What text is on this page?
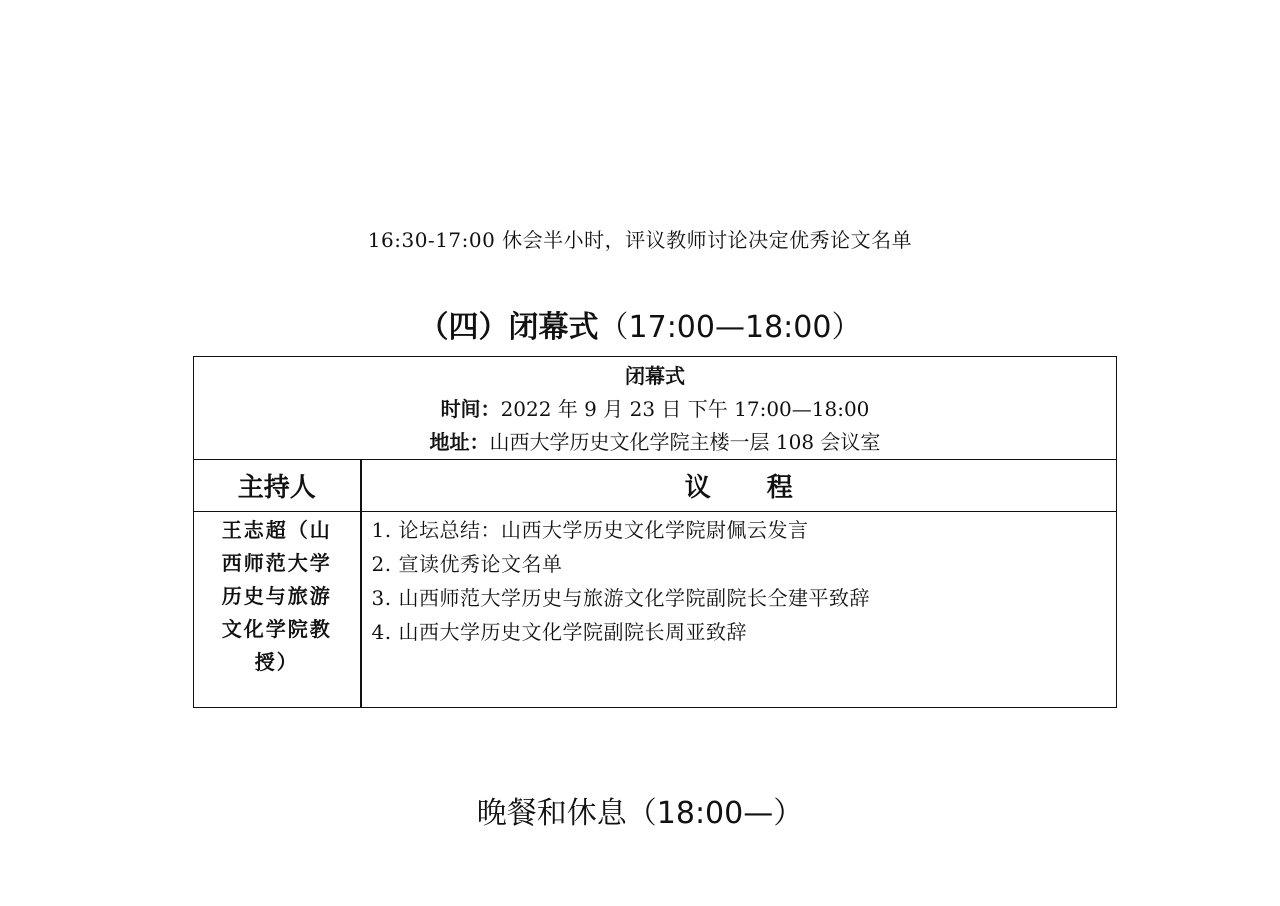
16:30-17:00 休会半小时，评议教师讨论决定优秀论文名单
（四）闭幕式（17:00—18:00）
闭幕式
时间：2022 年 9 月 23 日 下午 17:00—18:00
地址：山西大学历史文化学院主楼一层 108 会议室	

主持人	议 程

王志超（山西师范大学历史与旅游文化学院教授）	1. 论坛总结：山西大学历史文化学院尉佩云发言
2. 宣读优秀论文名单
3. 山西师范大学历史与旅游文化学院副院长仝建平致辞
4. 山西大学历史文化学院副院长周亚致辞
晚餐和休息（18:00—）
